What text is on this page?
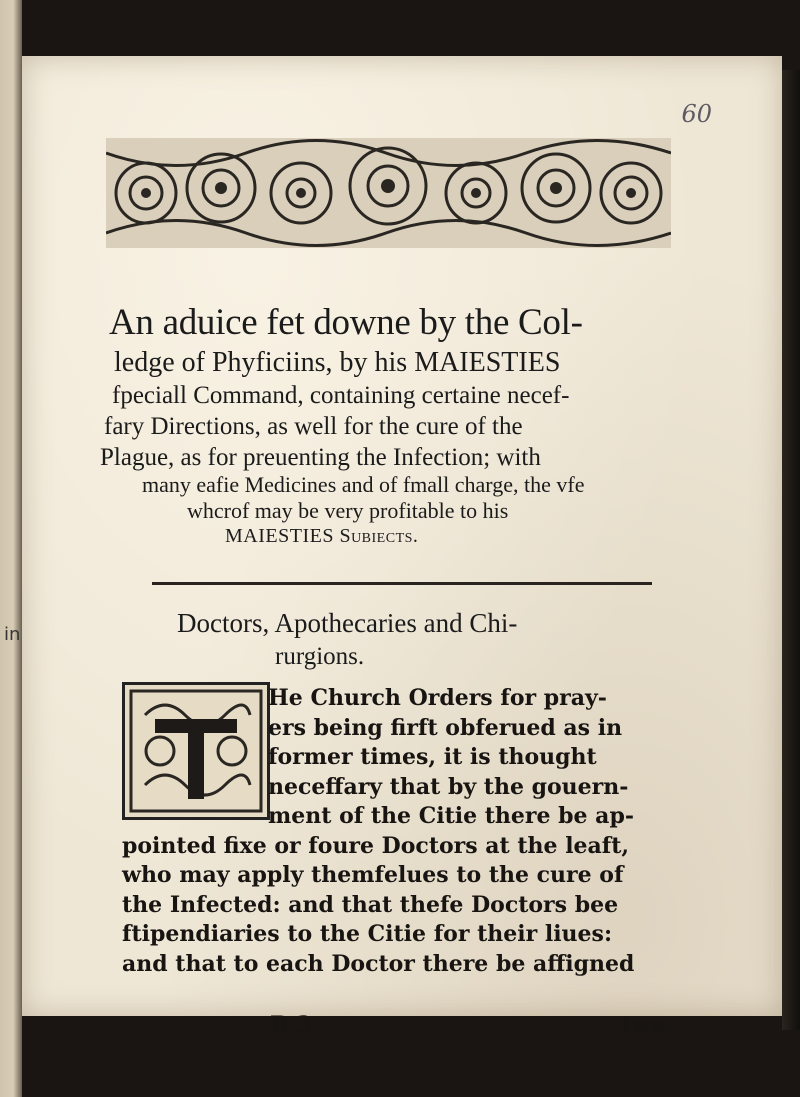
60
An aduice fet downe by the Col-
ledge of Phyficiins, by his MAIESTIES
fpeciall Command, containing certaine necef-
fary Directions, as well for the cure of the
Plague, as for preuenting the Infection; with
many eafie Medicines and of fmall charge, the vfe
whcrof may be very profitable to his
MAIESTIES Subiects.
Doctors, Apothecaries and Chi-
rurgions.
He Church Orders for pray-
ers being firft obferued as in
former times, it is thought
neceffary that by the gouern-
ment of the Citie there be ap-
pointed fixe or foure Doctors at the leaft,
who may apply themfelues to the cure of
the Infected: and that thefe Doctors bee
ftipendiaries to the Citie for their liues:
and that to each Doctor there be affigned
B 3	two
in
